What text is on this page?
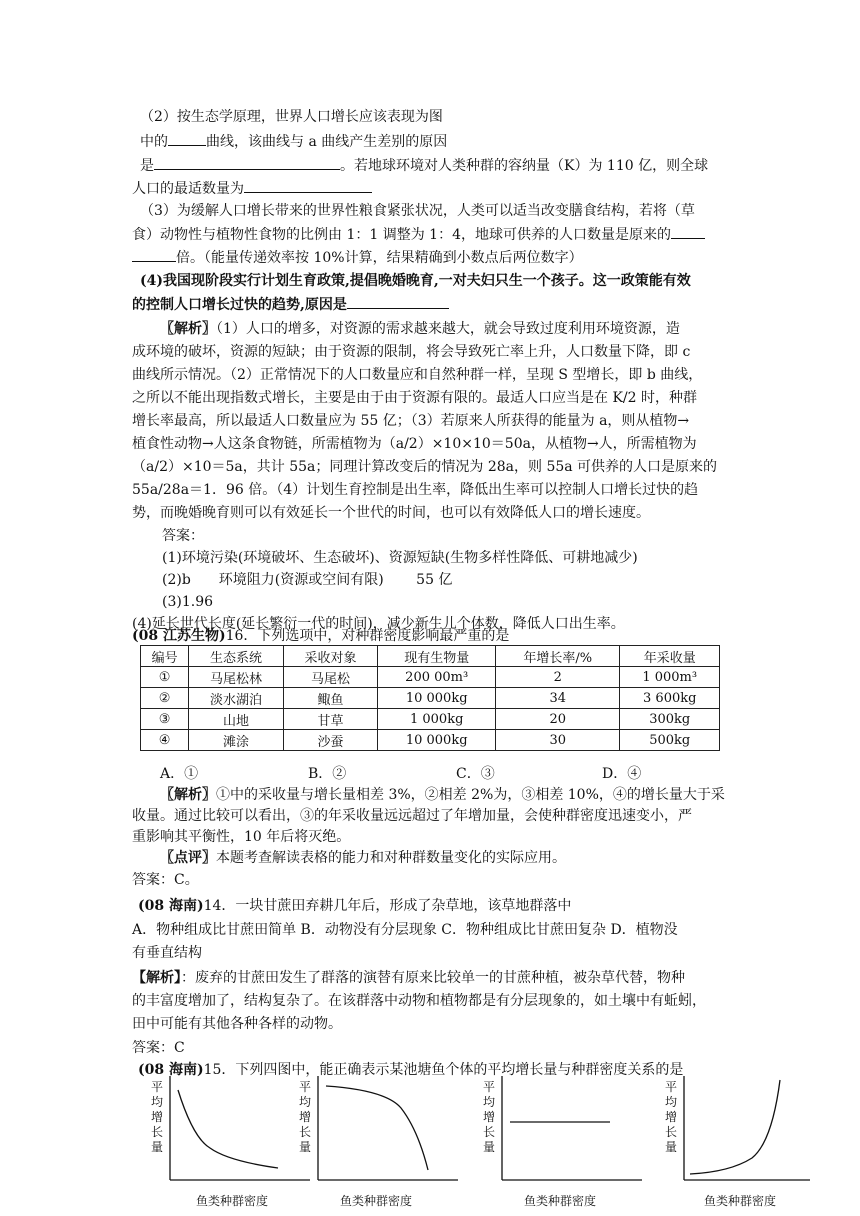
（2）按生态学原理，世界人口增长应该表现为图
中的	曲线，该曲线与 a 曲线产生差别的原因
是	。若地球环境对人类种群的容纳量（K）为 110 亿，则全球
人口的最适数量为
（3）为缓解人口增长带来的世界性粮食紧张状况，人类可以适当改变膳食结构，若将（草
食）动物性与植物性食物的比例由 1：1 调整为 1：4，地球可供养的人口数量是原来的
倍。（能量传递效率按 10%计算，结果精确到小数点后两位数字）
(4)我国现阶段实行计划生育政策,提倡晚婚晚育,一对夫妇只生一个孩子。这一政策能有效
的控制人口增长过快的趋势,原因是
〖解析〗（1）人口的增多，对资源的需求越来越大，就会导致过度利用环境资源，造
成环境的破坏，资源的短缺；由于资源的限制，将会导致死亡率上升，人口数量下降，即 c
曲线所示情况。（2）正常情况下的人口数量应和自然种群一样，呈现 S 型增长，即 b 曲线，
之所以不能出现指数式增长，主要是由于由于资源有限的。最适人口应当是在 K/2 时，种群
增长率最高，所以最适人口数量应为 55 亿；（3）若原来人所获得的能量为 a，则从植物→
植食性动物→人这条食物链，所需植物为（a/2）×10×10＝50a，从植物→人，所需植物为
（a/2）×10＝5a，共计 55a；同理计算改变后的情况为 28a，则 55a 可供养的人口是原来的
55a/28a＝1．96 倍。（4）计划生育控制是出生率，降低出生率可以控制人口增长过快的趋
势，而晚婚晚育则可以有效延长一个世代的时间，也可以有效降低人口的增长速度。
答案：
(1)环境污染(环境破坏、生态破坏)、资源短缺(生物多样性降低、可耕地减少)
(2)b　　环境阻力(资源或空间有限)　　 55 亿
(3)1.96
(4)延长世代长度(延长繁衍一代的时间)，减少新生儿个体数，降低人口出生率。
(08 江苏生物)16．下列选项中，对种群密度影响最严重的是
编号	生态系统	采收对象	现有生物量	年增长率/%	年采收量
①	马尾松林	马尾松	200 00m³	2	1 000m³
②	淡水湖泊	鲰鱼	10 000kg	34	3 600kg
③	山地	甘草	1 000kg	20	300kg
④	滩涂	沙蚕	10 000kg	30	500kg
A．①	B．②	C．③	D．④
〖解析〗①中的采收量与增长量相差 3%，②相差 2%为，③相差 10%，④的增长量大于采
收量。通过比较可以看出，③的年采收量远远超过了年增加量，会使种群密度迅速变小，严
重影响其平衡性，10 年后将灭绝。
〖点评〗本题考查解读表格的能力和对种群数量变化的实际应用。
答案：C。
(08 海南)14．一块甘蔗田弃耕几年后，形成了杂草地，该草地群落中
A．物种组成比甘蔗田简单 B．动物没有分层现象 C．物种组成比甘蔗田复杂 D．植物没
有垂直结构
【解析】：废弃的甘蔗田发生了群落的演替有原来比较单一的甘蔗种植，被杂草代替，物种
的丰富度增加了，结构复杂了。在该群落中动物和植物都是有分层现象的，如土壤中有蚯蚓，
田中可能有其他各种各样的动物。
答案：C
(08 海南)15．下列四图中，能正确表示某池塘鱼个体的平均增长量与种群密度关系的是
平均增长量
鱼类种群密度
平均增长量
鱼类种群密度
平均增长量
鱼类种群密度
平均增长量
鱼类种群密度
